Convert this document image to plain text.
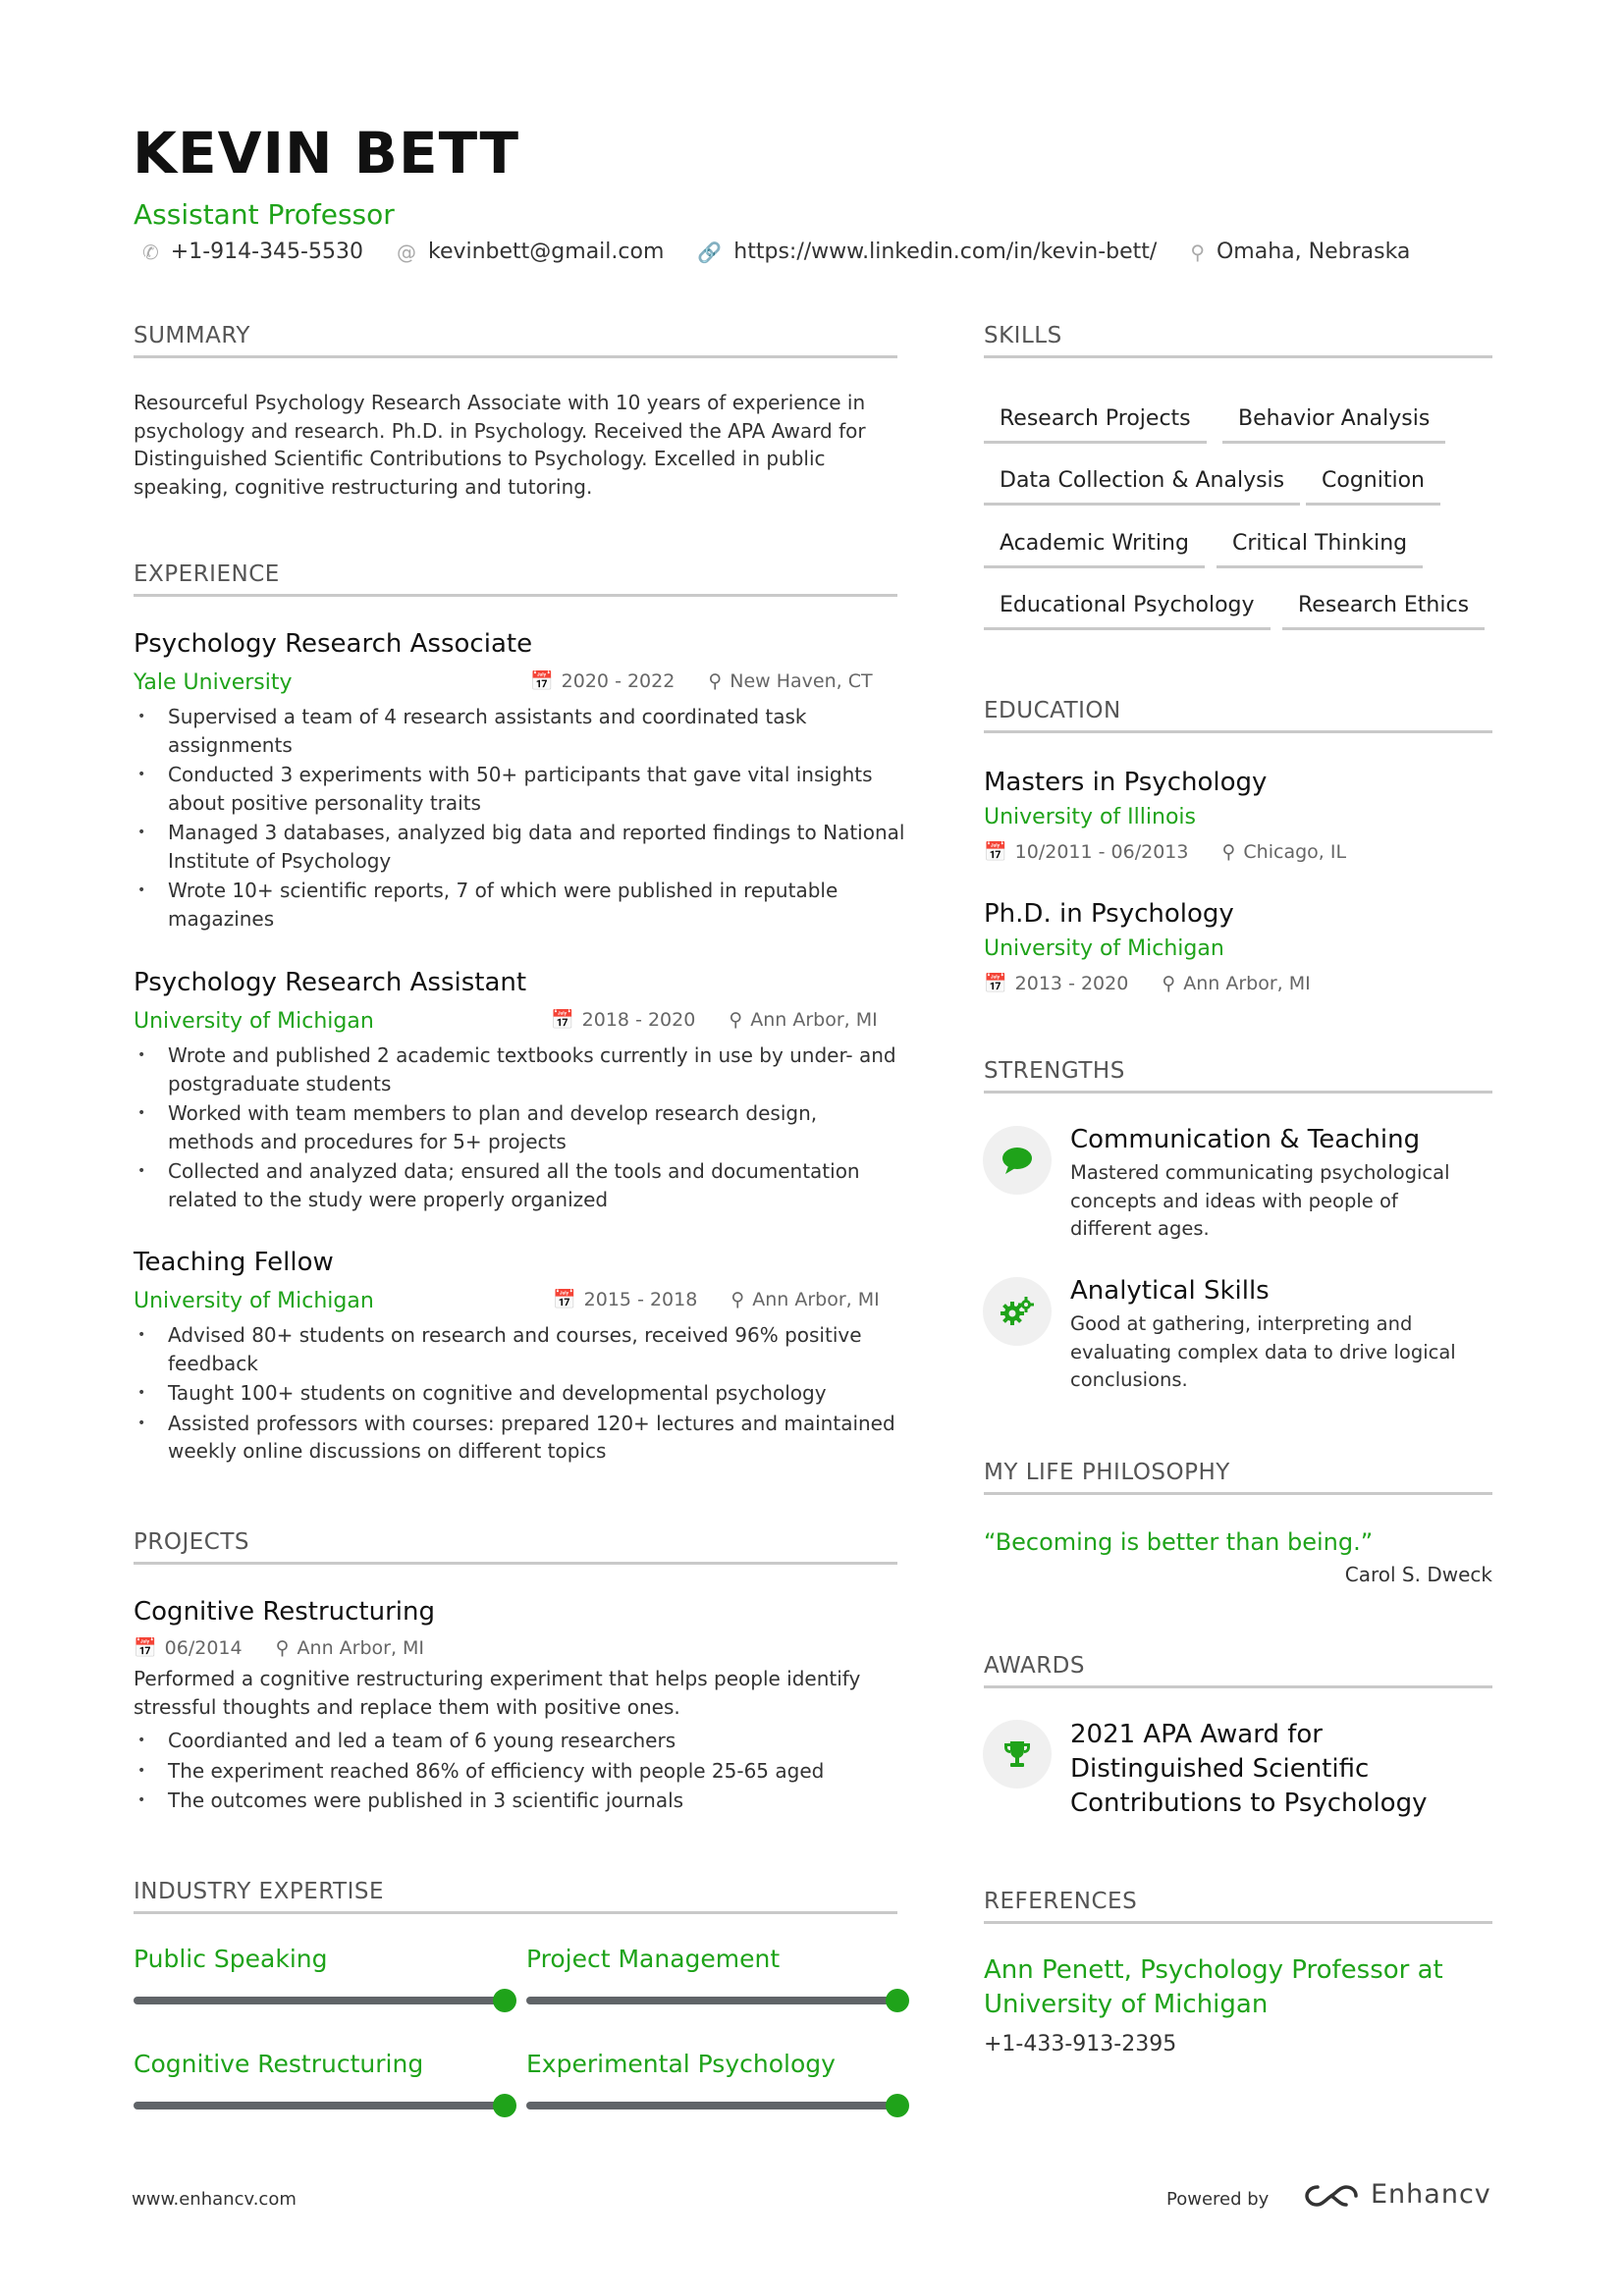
KEVIN BETT
Assistant Professor
✆ +1-914-345-5530 @ kevinbett@gmail.com 🔗 https://www.linkedin.com/in/kevin-bett/ ⚲ Omaha, Nebraska
SUMMARY
Resourceful Psychology Research Associate with 10 years of experience in psychology and research. Ph.D. in Psychology. Received the APA Award for Distinguished Scientific Contributions to Psychology. Excelled in public speaking, cognitive restructuring and tutoring.
EXPERIENCE
Psychology Research Associate
Yale University	📅 2020 - 2022 ⚲ New Haven, CT
• Supervised a team of 4 research assistants and coordinated task assignments
• Conducted 3 experiments with 50+ participants that gave vital insights about positive personality traits
• Managed 3 databases, analyzed big data and reported findings to National Institute of Psychology
• Wrote 10+ scientific reports, 7 of which were published in reputable magazines
Psychology Research Assistant
University of Michigan	📅 2018 - 2020 ⚲ Ann Arbor, MI
• Wrote and published 2 academic textbooks currently in use by under- and postgraduate students
• Worked with team members to plan and develop research design, methods and procedures for 5+ projects
• Collected and analyzed data; ensured all the tools and documentation related to the study were properly organized
Teaching Fellow
University of Michigan	📅 2015 - 2018 ⚲ Ann Arbor, MI
• Advised 80+ students on research and courses, received 96% positive feedback
• Taught 100+ students on cognitive and developmental psychology
• Assisted professors with courses: prepared 120+ lectures and maintained weekly online discussions on different topics
PROJECTS
Cognitive Restructuring
📅 06/2014 ⚲ Ann Arbor, MI
Performed a cognitive restructuring experiment that helps people identify stressful thoughts and replace them with positive ones.
• Coordianted and led a team of 6 young researchers
• The experiment reached 86% of efficiency with people 25-65 aged
• The outcomes were published in 3 scientific journals
INDUSTRY EXPERTISE
Public Speaking	Project Management
Cognitive Restructuring	Experimental Psychology
SKILLS
Research Projects	Behavior Analysis
Data Collection & Analysis	Cognition
Academic Writing	Critical Thinking
Educational Psychology	Research Ethics
EDUCATION
Masters in Psychology
University of Illinois
📅 10/2011 - 06/2013 ⚲ Chicago, IL
Ph.D. in Psychology
University of Michigan
📅 2013 - 2020 ⚲ Ann Arbor, MI
STRENGTHS
Communication & Teaching
Mastered communicating psychological concepts and ideas with people of different ages.
Analytical Skills
Good at gathering, interpreting and evaluating complex data to drive logical conclusions.
MY LIFE PHILOSOPHY
“Becoming is better than being.”
Carol S. Dweck
AWARDS
2021 APA Award for Distinguished Scientific Contributions to Psychology
REFERENCES
Ann Penett, Psychology Professor at University of Michigan
+1-433-913-2395
www.enhancv.com	Powered by	Enhancv
